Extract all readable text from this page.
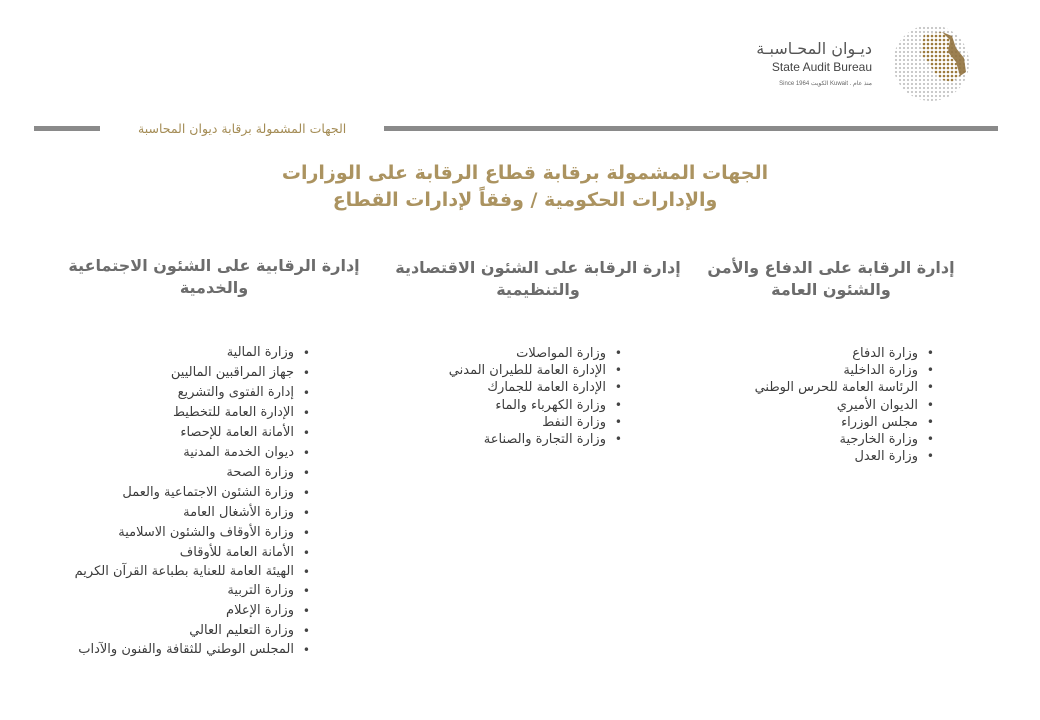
ديـوان المحـاسبـة
State Audit Bureau
Since 1964 الكويت Kuwait . منذ عام
الجهات المشمولة برقابة ديوان المحاسبة
الجهات المشمولة برقابة قطاع الرقابة على الوزارات
والإدارات الحكومية / وفقاً لإدارات القطاع
إدارة الرقابة على الدفاع والأمن والشئون العامة
• وزارة الدفاع
• وزارة الداخلية
• الرئاسة العامة للحرس الوطني
• الديوان الأميري
• مجلس الوزراء
• وزارة الخارجية
• وزارة العدل
إدارة الرقابة على الشئون الاقتصادية والتنظيمية
• وزارة المواصلات
• الإدارة العامة للطيران المدني
• الإدارة العامة للجمارك
• وزارة الكهرباء والماء
• وزارة النفط
• وزارة التجارة والصناعة
إدارة الرقابية على الشئون الاجتماعية والخدمية
• وزارة المالية
• جهاز المراقبين الماليين
• إدارة الفتوى والتشريع
• الإدارة العامة للتخطيط
• الأمانة العامة للإحصاء
• ديوان الخدمة المدنية
• وزارة الصحة
• وزارة الشئون الاجتماعية والعمل
• وزارة الأشغال العامة
• وزارة الأوقاف والشئون الاسلامية
• الأمانة العامة للأوقاف
• الهيئة العامة للعناية بطباعة القرآن الكريم
• وزارة التربية
• وزارة الإعلام
• وزارة التعليم العالي
• المجلس الوطني للثقافة والفنون والآداب
